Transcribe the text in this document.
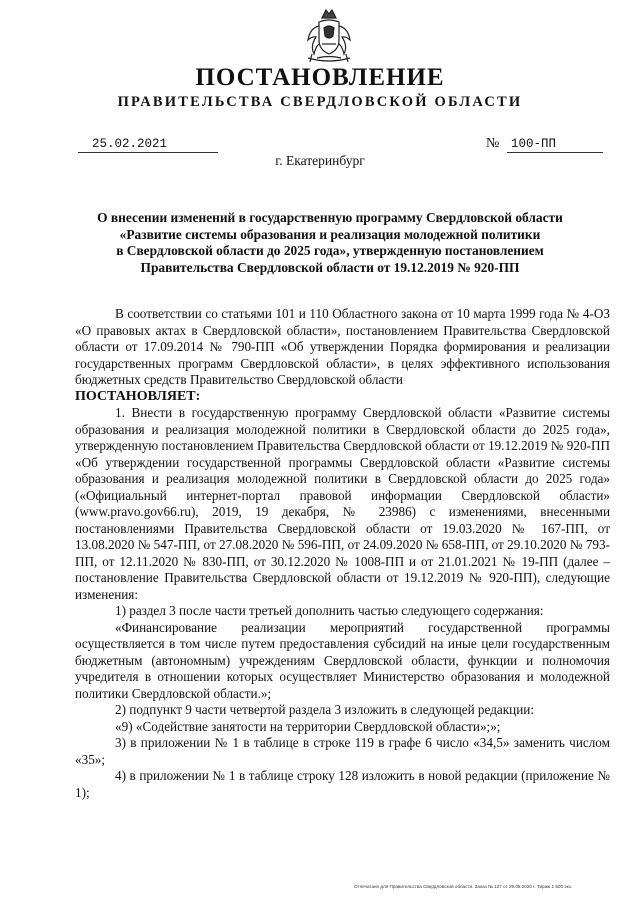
ПОСТАНОВЛЕНИЕ
ПРАВИТЕЛЬСТВА СВЕРДЛОВСКОЙ ОБЛАСТИ
25.02.2021	№ 100-ПП
г. Екатеринбург
О внесении изменений в государственную программу Свердловской области
«Развитие системы образования и реализация молодежной политики
в Свердловской области до 2025 года», утвержденную постановлением
Правительства Свердловской области от 19.12.2019 № 920-ПП

В соответствии со статьями 101 и 110 Областного закона от 10 марта 1999 года № 4-ОЗ «О правовых актах в Свердловской области», постановлением Правительства Свердловской области от 17.09.2014 № 790-ПП «Об утверждении Порядка формирования и реализации государственных программ Свердловской области», в целях эффективного использования бюджетных средств Правительство Свердловской области

ПОСТАНОВЛЯЕТ:

1. Внести в государственную программу Свердловской области «Развитие системы образования и реализация молодежной политики в Свердловской области до 2025 года», утвержденную постановлением Правительства Свердловской области от 19.12.2019 № 920-ПП «Об утверждении государственной программы Свердловской области «Развитие системы образования и реализация молодежной политики в Свердловской области до 2025 года» («Официальный интернет-портал правовой информации Свердловской области» (www.pravo.gov66.ru), 2019, 19 декабря, № 23986) с изменениями, внесенными постановлениями Правительства Свердловской области от 19.03.2020 № 167-ПП, от 13.08.2020 № 547-ПП, от 27.08.2020 № 596-ПП, от 24.09.2020 № 658-ПП, от 29.10.2020 № 793-ПП, от 12.11.2020 № 830-ПП, от 30.12.2020 № 1008-ПП и от 21.01.2021 № 19-ПП (далее – постановление Правительства Свердловской области от 19.12.2019 № 920-ПП), следующие изменения:

1) раздел 3 после части третьей дополнить частью следующего содержания:

«Финансирование реализации мероприятий государственной программы осуществляется в том числе путем предоставления субсидий на иные цели государственным бюджетным (автономным) учреждениям Свердловской области, функции и полномочия учредителя в отношении которых осуществляет Министерство образования и молодежной политики Свердловской области.»;

2) подпункт 9 части четвертой раздела 3 изложить в следующей редакции:

«9) «Содействие занятости на территории Свердловской области»;»;

3) в приложении № 1 в таблице в строке 119 в графе 6 число «34,5» заменить числом «35»;

4) в приложении № 1 в таблице строку 128 изложить в новой редакции (приложение № 1);

Отпечатано для Правительства Свердловской области. Заказ № 127 от 29.05.2020 г. Тираж 1 500 экз.
